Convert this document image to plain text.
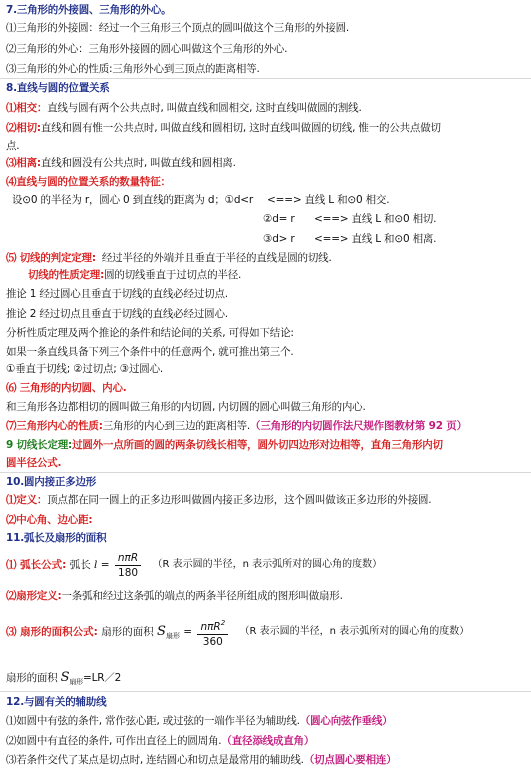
7.三角形的外接圆、三角形的外心。
⑴三角形的外接圆：经过一个三角形三个顶点的圆叫做这个三角形的外接圆.
⑵三角形的外心：三角形外接圆的圆心叫做这个三角形的外心.
⑶三角形的外心的性质:三角形外心到三顶点的距离相等.
8.直线与圆的位置关系
⑴相交：直线与圆有两个公共点时, 叫做直线和圆相交, 这时直线叫做圆的割线.
⑵相切:直线和圆有惟一公共点时, 叫做直线和圆相切, 这时直线叫做圆的切线, 惟一的公共点做切
点.
⑶相离:直线和圆没有公共点时, 叫做直线和圆相离.
⑷直线与圆的位置关系的数量特征：
设⊙0 的半径为 r，圆心 0 到直线的距离为 d；①d<r <==> 直线 L 和⊙0 相交.
②d= r <==> 直线 L 和⊙0 相切.
③d> r <==> 直线 L 和⊙0 相离.
⑸ 切线的判定定理: 经过半径的外端并且垂直于半径的直线是圆的切线.
切线的性质定理:圆的切线垂直于过切点的半径.
推论 1 经过圆心且垂直于切线的直线必经过切点.
推论 2 经过切点且垂直于切线的直线必经过圆心.
分析性质定理及两个推论的条件和结论间的关系, 可得如下结论:
如果一条直线具备下列三个条件中的任意两个, 就可推出第三个.
①垂直于切线; ②过切点; ③过圆心.
⑹ 三角形的内切圆、内心.
和三角形各边都相切的圆叫做三角形的内切圆, 内切圆的圆心叫做三角形的内心.
⑺三角形内心的性质:三角形的内心到三边的距离相等.（三角形的内切圆作法尺规作图教材第 92 页）
9 切线长定理:过圆外一点所画的圆的两条切线长相等，圆外切四边形对边相等，直角三角形内切
圆半径公式.
10.圆内接正多边形
⑴定义：顶点都在同一圆上的正多边形叫做圆内接正多边形，这个圆叫做该正多边形的外接圆.
⑵中心角、边心距:
11.弧长及扇形的面积
⑴ 弧长公式: 弧长 $l = \frac{\text{nπR}}{180} (R$ 表示圆的半径，n 表示弧所对的圆心角的度数）
⑵扇形定义:一条弧和经过这条弧的端点的两条半径所组成的图形叫做扇形.
⑶ 扇形的面积公式: 扇形的面积 $S_{扇形} = \frac{n\pi R^2}{360} (R$ 表示圆的半径，n 表示弧所对的圆心角的度数）
扇形的面积 $S_{扇形}=LR/2$
12.与圆有关的辅助线
⑴如圆中有弦的条件, 常作弦心距, 或过弦的一端作半径为辅助线.（圆心向弦作垂线）
⑵如圆中有直径的条件, 可作出直径上的圆周角.（直径添线成直角）
⑶若条件交代了某点是切点时, 连结圆心和切点是最常用的辅助线.（切点圆心要相连）
